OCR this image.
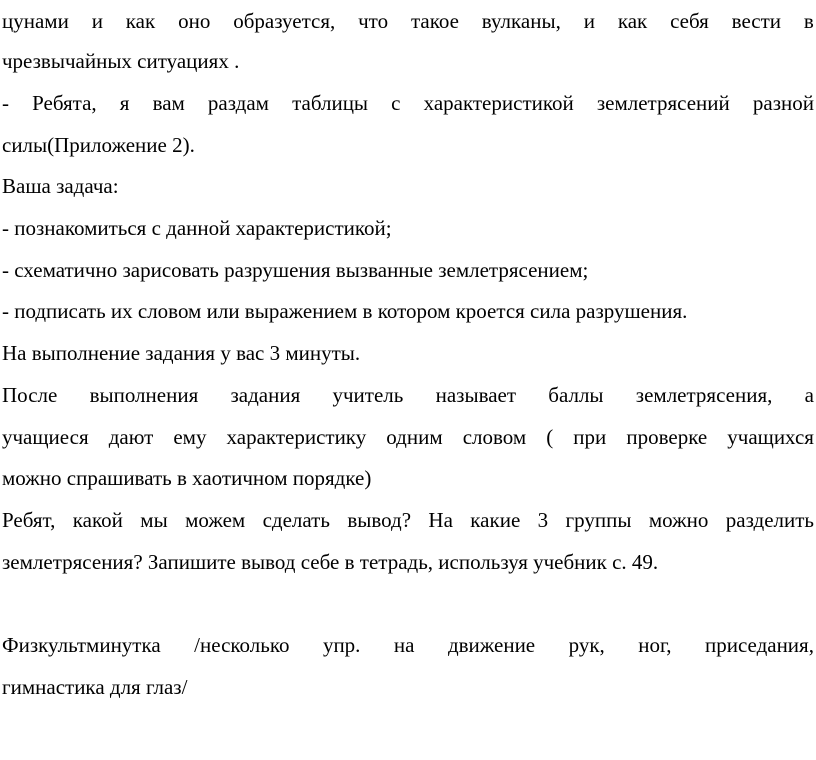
цунами и как оно образуется, что такое вулканы, и как себя вести в
чрезвычайных ситуациях .
- Ребята, я вам раздам таблицы с характеристикой землетрясений разной
силы(Приложение 2).
Ваша задача:
- познакомиться с данной характеристикой;
- схематично зарисовать разрушения вызванные землетрясением;
- подписать их словом или выражением в котором кроется сила разрушения.
На выполнение задания у вас 3 минуты.
После выполнения задания учитель называет баллы землетрясения, а
учащиеся дают ему характеристику одним словом ( при проверке учащихся
можно спрашивать в хаотичном порядке)
Ребят, какой мы можем сделать вывод? На какие 3 группы можно разделить
землетрясения? Запишите вывод себе в тетрадь, используя учебник с. 49.
Физкультминутка /несколько упр. на движение рук, ног, приседания,
гимнастика для глаз/
